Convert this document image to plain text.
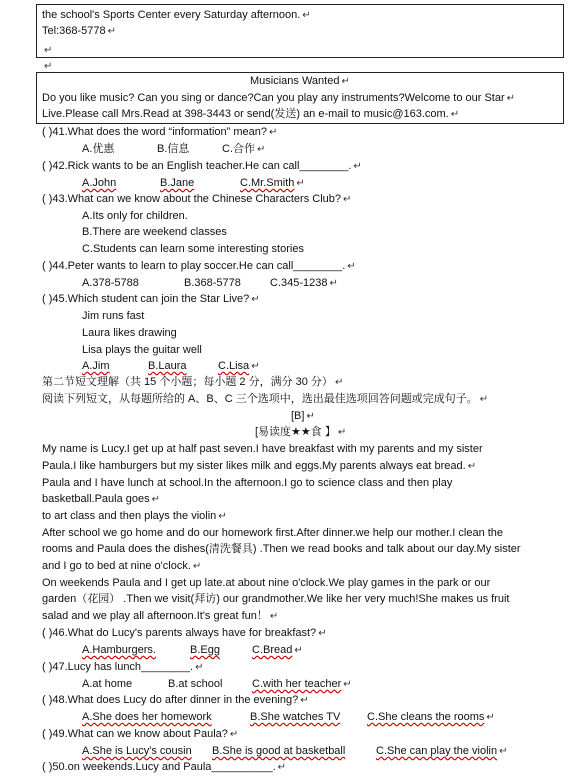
the school's Sports Center every Saturday afternoon. ↵
Tel:368-5778 ↵
↵
↵
Musicians Wanted ↵
Do you like music? Can you sing or dance?Can you play any instruments?Welcome to our Star ↵
Live.Please call Mrs.Read at 398-3443 or send(发送) an e-mail to music@163.com. ↵
( )41.What does the word “information” mean? ↵
A.优惠	B.信息	C.合作 ↵
( )42.Rick wants to be an English teacher.He can call________. ↵
A.John	B.Jane	C.Mr.Smith ↵
( )43.What can we know about the Chinese Characters Club? ↵
A.Its only for children.
B.There are weekend classes
C.Students can learn some interesting stories
( )44.Peter wants to learn to play soccer.He can call________. ↵
A.378-5788	B.368-5778	C.345-1238 ↵
( )45.Which student can join the Star Live? ↵
Jim runs fast
Laura likes drawing
Lisa plays the guitar well
A.Jim	B.Laura	C.Lisa ↵
第二节短文理解（共 15 个小题；每小题 2 分，满分 30 分） ↵
阅读下列短文，从每题所给的 A、B、C 三个选项中，选出最佳选项回答问题或完成句子。 ↵
[B] ↵
[易读度★★食 】 ↵
My name is Lucy.I get up at half past seven.I have breakfast with my parents and my sister
Paula.I like hamburgers but my sister likes milk and eggs.My parents always eat bread. ↵
Paula and I have lunch at school.In the afternoon.I go to science class and then play
basketball.Paula goes ↵
to art class and then plays the violin ↵
After school we go home and do our homework first.After dinner.we help our mother.I clean the
rooms and Paula does the dishes(清洗餐具) .Then we read books and talk about our day.My sister
and I go to bed at nine o'clock. ↵
On weekends Paula and I get up late.at about nine o'clock.We play games in the park or our
garden（花园） .Then we visit(拜访) our grandmother.We like her very much!She makes us fruit
salad and we play all afternoon.It's great fun！ ↵
( )46.What do Lucy's parents always have for breakfast? ↵
A.Hamburgers.	B.Egg	C.Bread ↵
( )47.Lucy has lunch________. ↵
A.at home	B.at school	C.with her teacher ↵
( )48.What does Lucy do after dinner in the evening? ↵
A.She does her homework	B.She watches TV C.She cleans the rooms ↵
( )49.What can we know about Paula? ↵
A.She is Lucy's cousin B.She is good at basketball	C.She can play the violin ↵
( )50.on weekends.Lucy and Paula__________. ↵
